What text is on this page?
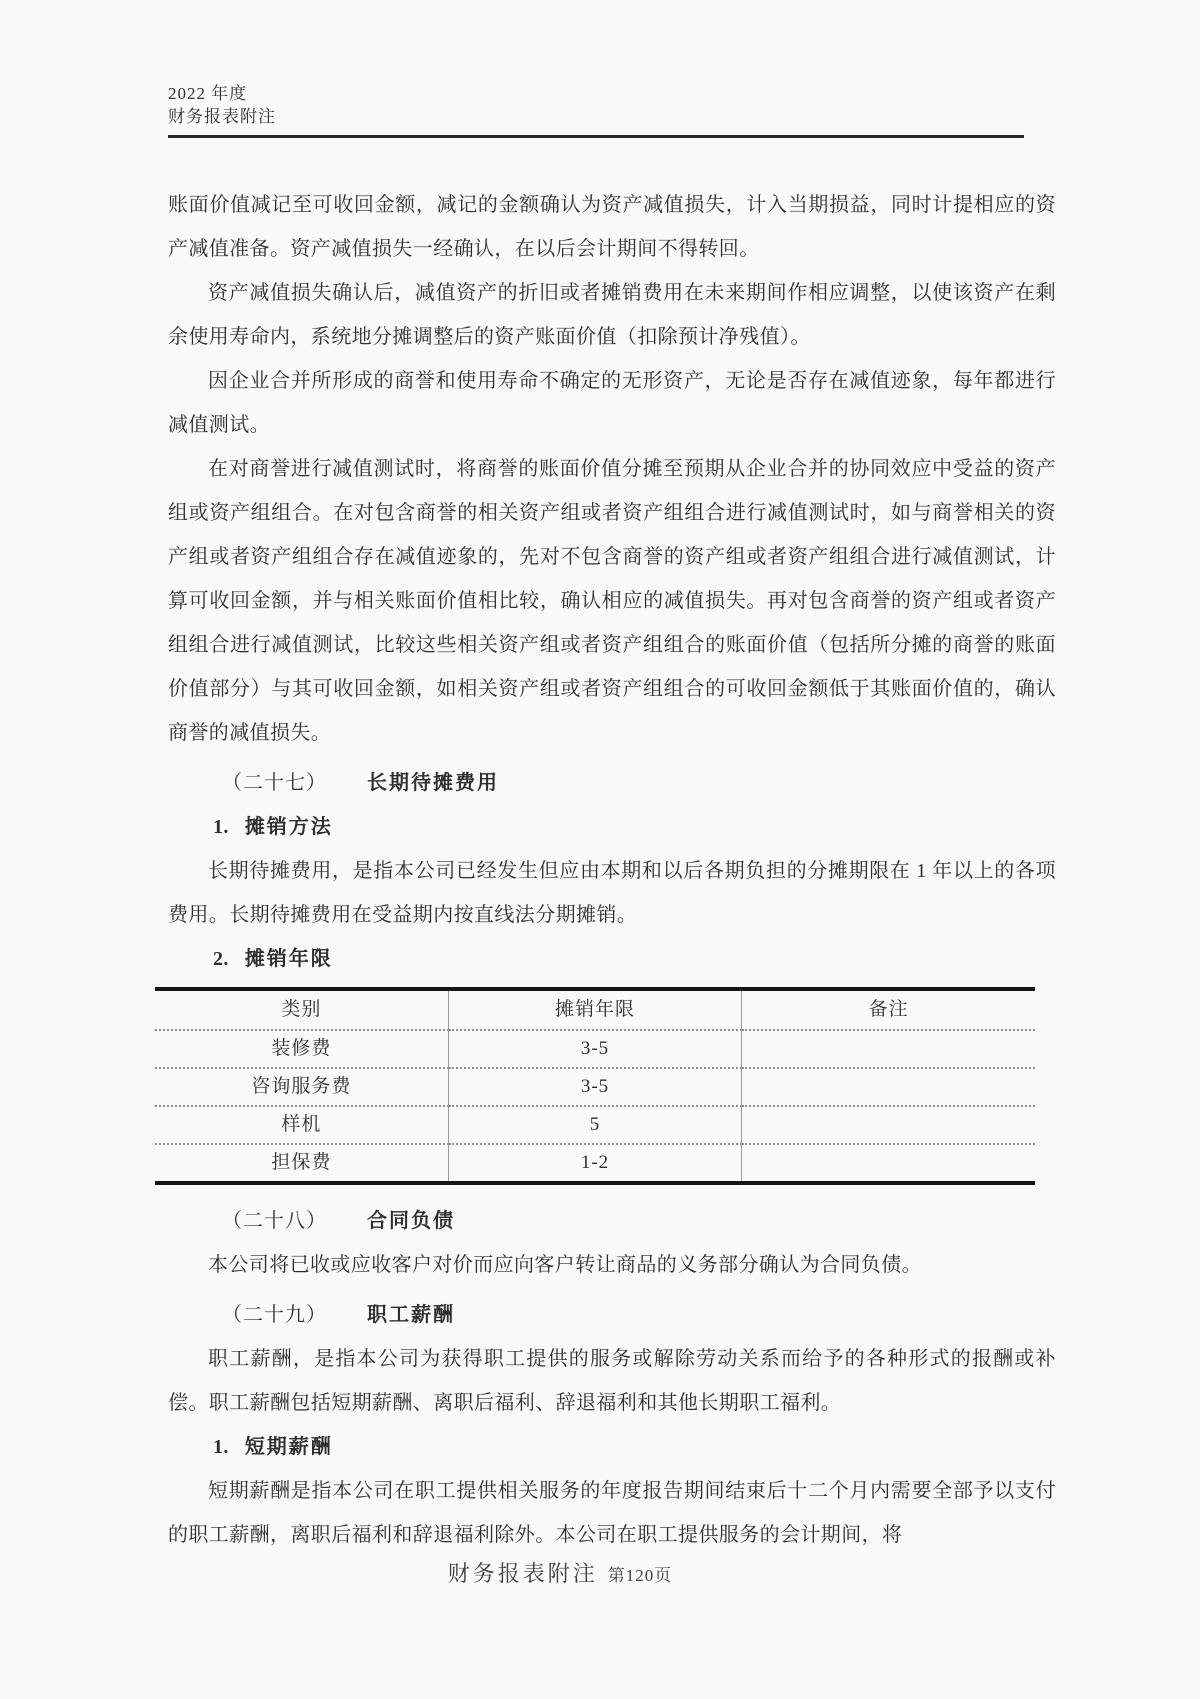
2022 年度
财务报表附注

账面价值减记至可收回金额，减记的金额确认为资产减值损失，计入当期损益，同时计提相应的资产减值准备。资产减值损失一经确认，在以后会计期间不得转回。

资产减值损失确认后，减值资产的折旧或者摊销费用在未来期间作相应调整，以使该资产在剩余使用寿命内，系统地分摊调整后的资产账面价值（扣除预计净残值）。

因企业合并所形成的商誉和使用寿命不确定的无形资产，无论是否存在减值迹象，每年都进行减值测试。

在对商誉进行减值测试时，将商誉的账面价值分摊至预期从企业合并的协同效应中受益的资产组或资产组组合。在对包含商誉的相关资产组或者资产组组合进行减值测试时，如与商誉相关的资产组或者资产组组合存在减值迹象的，先对不包含商誉的资产组或者资产组组合进行减值测试，计算可收回金额，并与相关账面价值相比较，确认相应的减值损失。再对包含商誉的资产组或者资产组组合进行减值测试，比较这些相关资产组或者资产组组合的账面价值（包括所分摊的商誉的账面价值部分）与其可收回金额，如相关资产组或者资产组组合的可收回金额低于其账面价值的，确认商誉的减值损失。

（二十七） 长期待摊费用
1. 摊销方法

长期待摊费用，是指本公司已经发生但应由本期和以后各期负担的分摊期限在 1 年以上的各项费用。长期待摊费用在受益期内按直线法分期摊销。

2. 摊销年限
类别	摊销年限	备注
装修费	3-5	
咨询服务费	3-5	
样机	5	
担保费	1-2	
（二十八） 合同负债

本公司将已收或应收客户对价而应向客户转让商品的义务部分确认为合同负债。

（二十九） 职工薪酬

职工薪酬，是指本公司为获得职工提供的服务或解除劳动关系而给予的各种形式的报酬或补偿。职工薪酬包括短期薪酬、离职后福利、辞退福利和其他长期职工福利。

1. 短期薪酬

短期薪酬是指本公司在职工提供相关服务的年度报告期间结束后十二个月内需要全部予以支付的职工薪酬，离职后福利和辞退福利除外。本公司在职工提供服务的会计期间，将

财务报表附注 第120页
